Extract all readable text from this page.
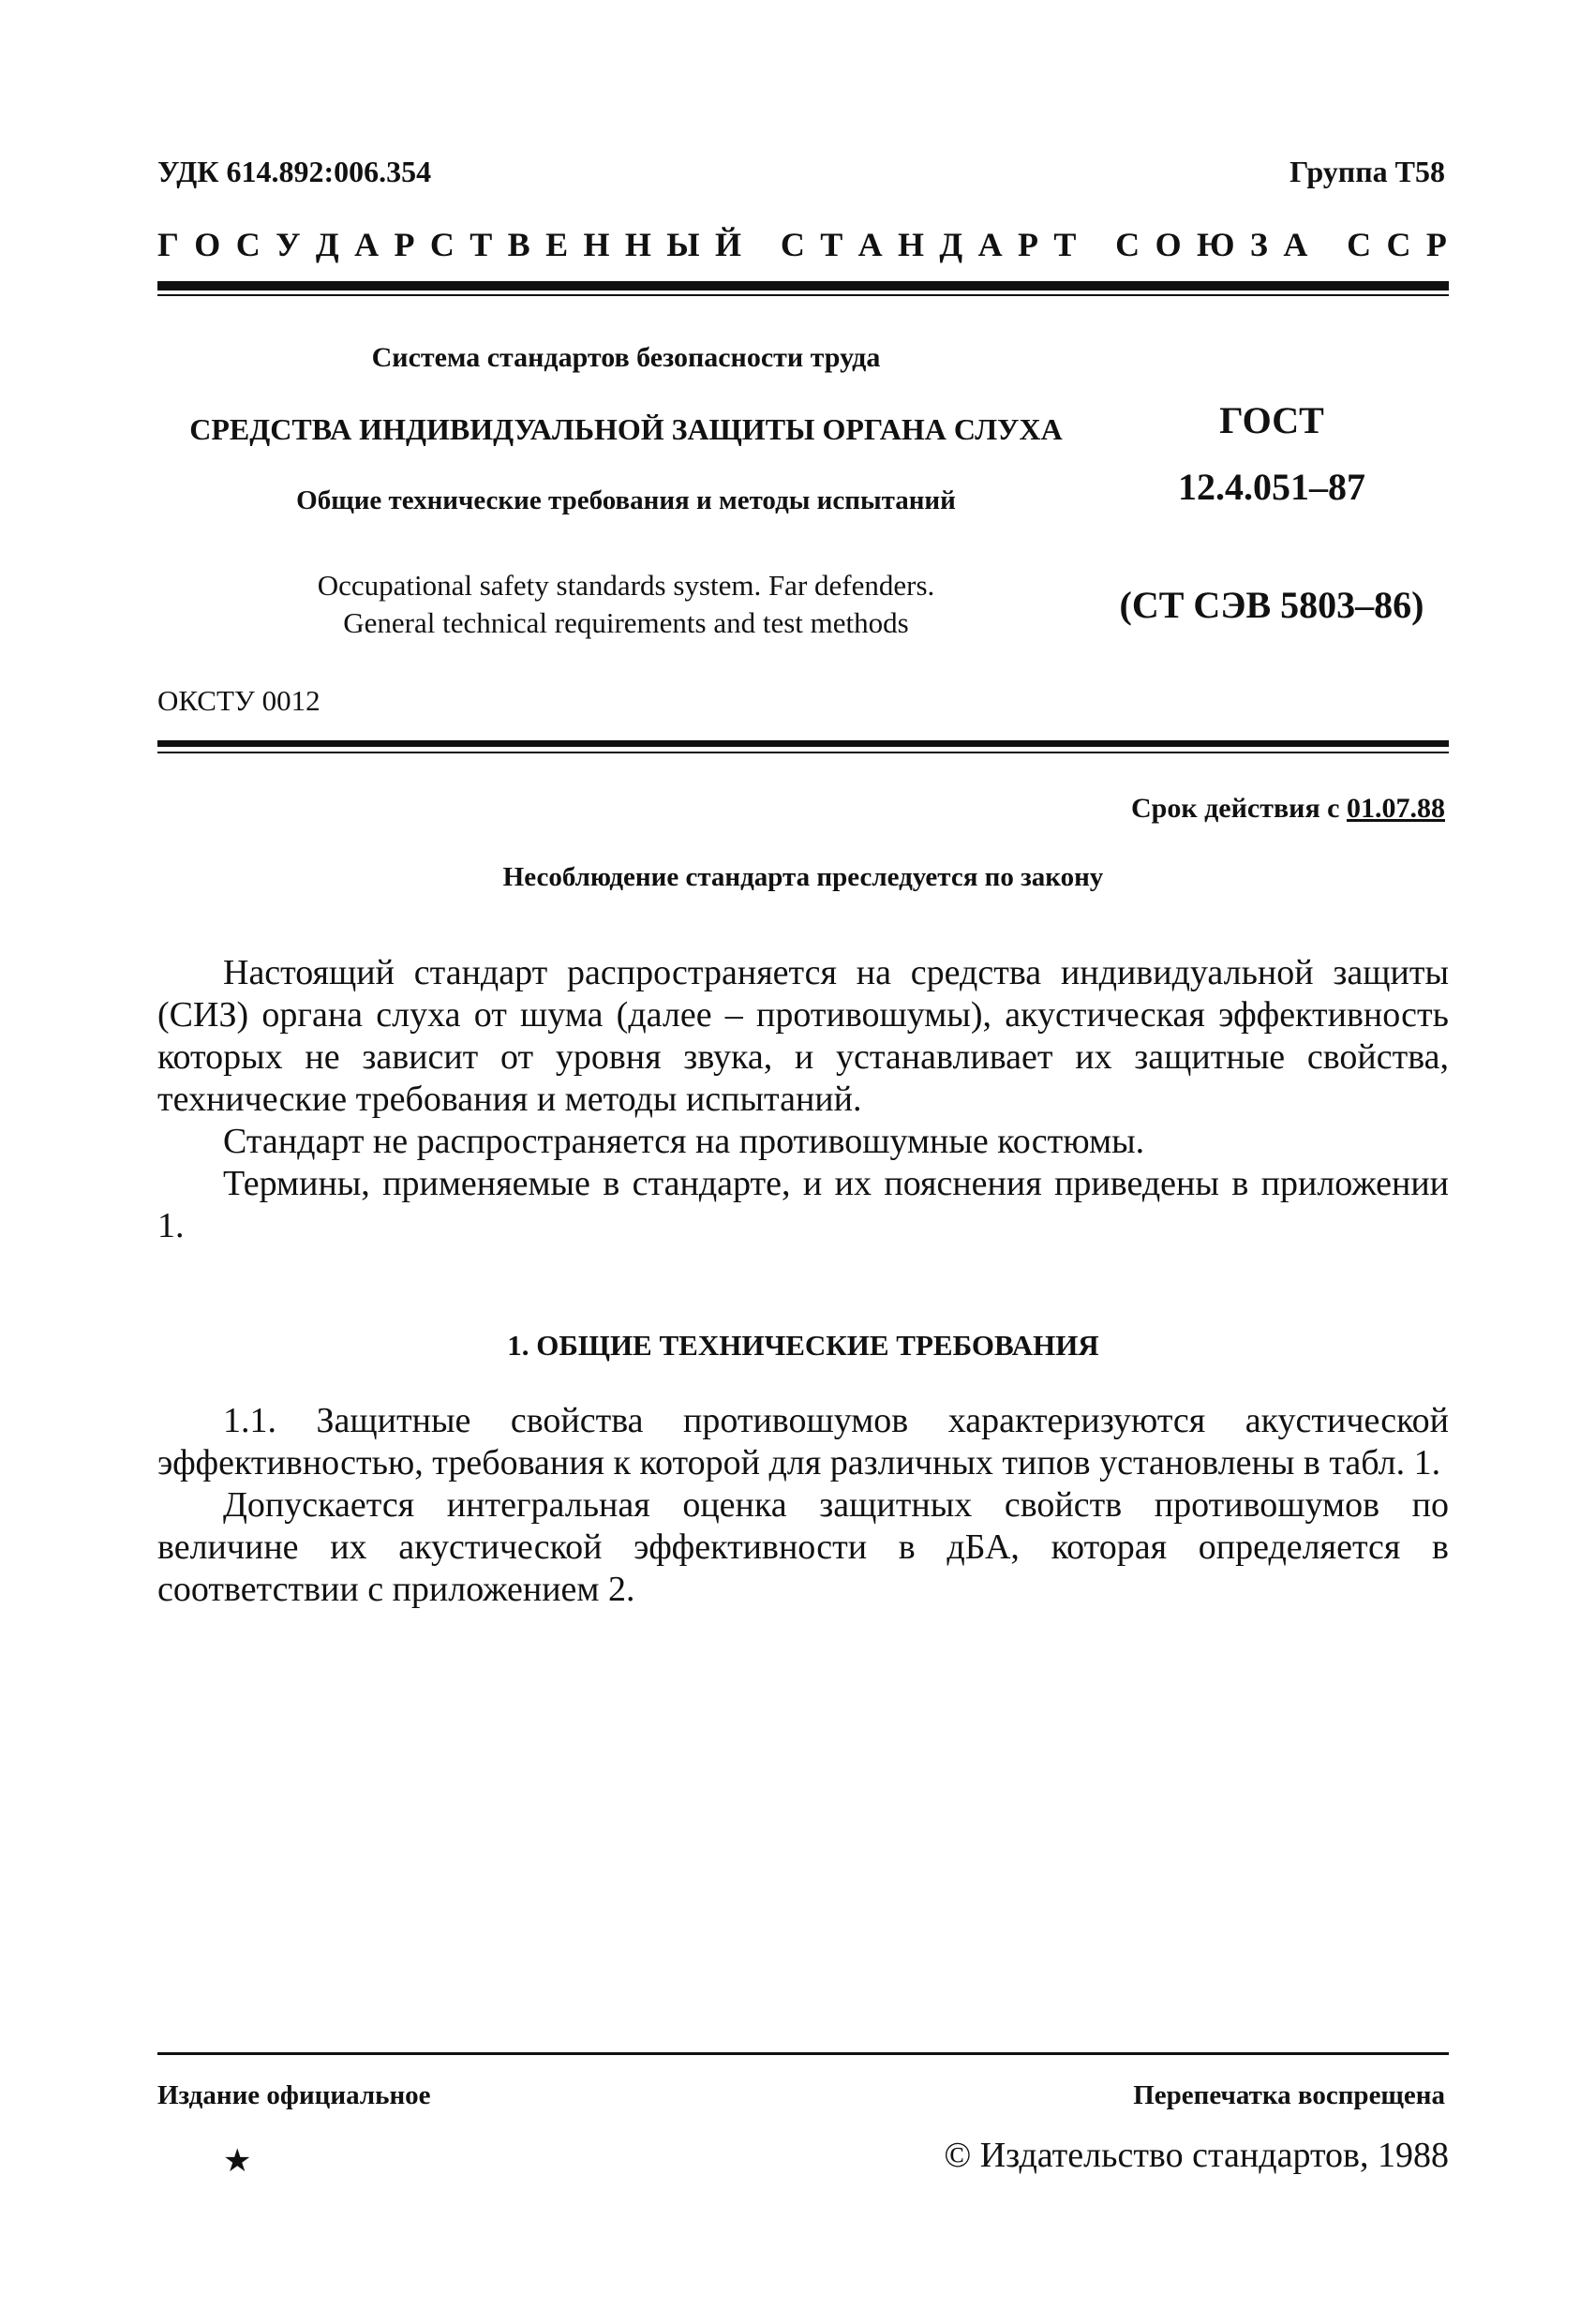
УДК 614.892:006.354	Группа Т58
Г О С У Д А Р С Т В Е Н Н Ы Й
С Т А Н Д А Р Т
С О Ю З А
С С Р
Система стандартов безопасности труда
СРЕДСТВА ИНДИВИДУАЛЬНОЙ ЗАЩИТЫ ОРГАНА СЛУХА
Общие технические требования и методы испытаний
Occupational safety standards system. Far defenders.
General technical requirements and test methods
ГОСТ
12.4.051–87
(СТ СЭВ 5803–86)
ОКСТУ 0012
Срок действия с 01.07.88
Несоблюдение стандарта преследуется по закону

Настоящий стандарт распространяется на средства индивидуальной защиты (СИЗ) органа слуха от шума (далее – противошумы), акустическая эффективность которых не зависит от уровня звука, и устанавливает их защитные свойства, технические требования и методы испытаний.

Стандарт не распространяется на противошумные костюмы.

Термины, применяемые в стандарте, и их пояснения приведены в приложении 1.

1. ОБЩИЕ ТЕХНИЧЕСКИЕ ТРЕБОВАНИЯ

1.1. Защитные свойства противошумов характеризуются акустической эффективностью, требования к которой для различных типов установлены в табл. 1.

Допускается интегральная оценка защитных свойств противошумов по величине их акустической эффективности в дБА, которая определяется в соответствии с приложением 2.

Издание официальное	Перепечатка воспрещена
★	© Издательство стандартов, 1988
